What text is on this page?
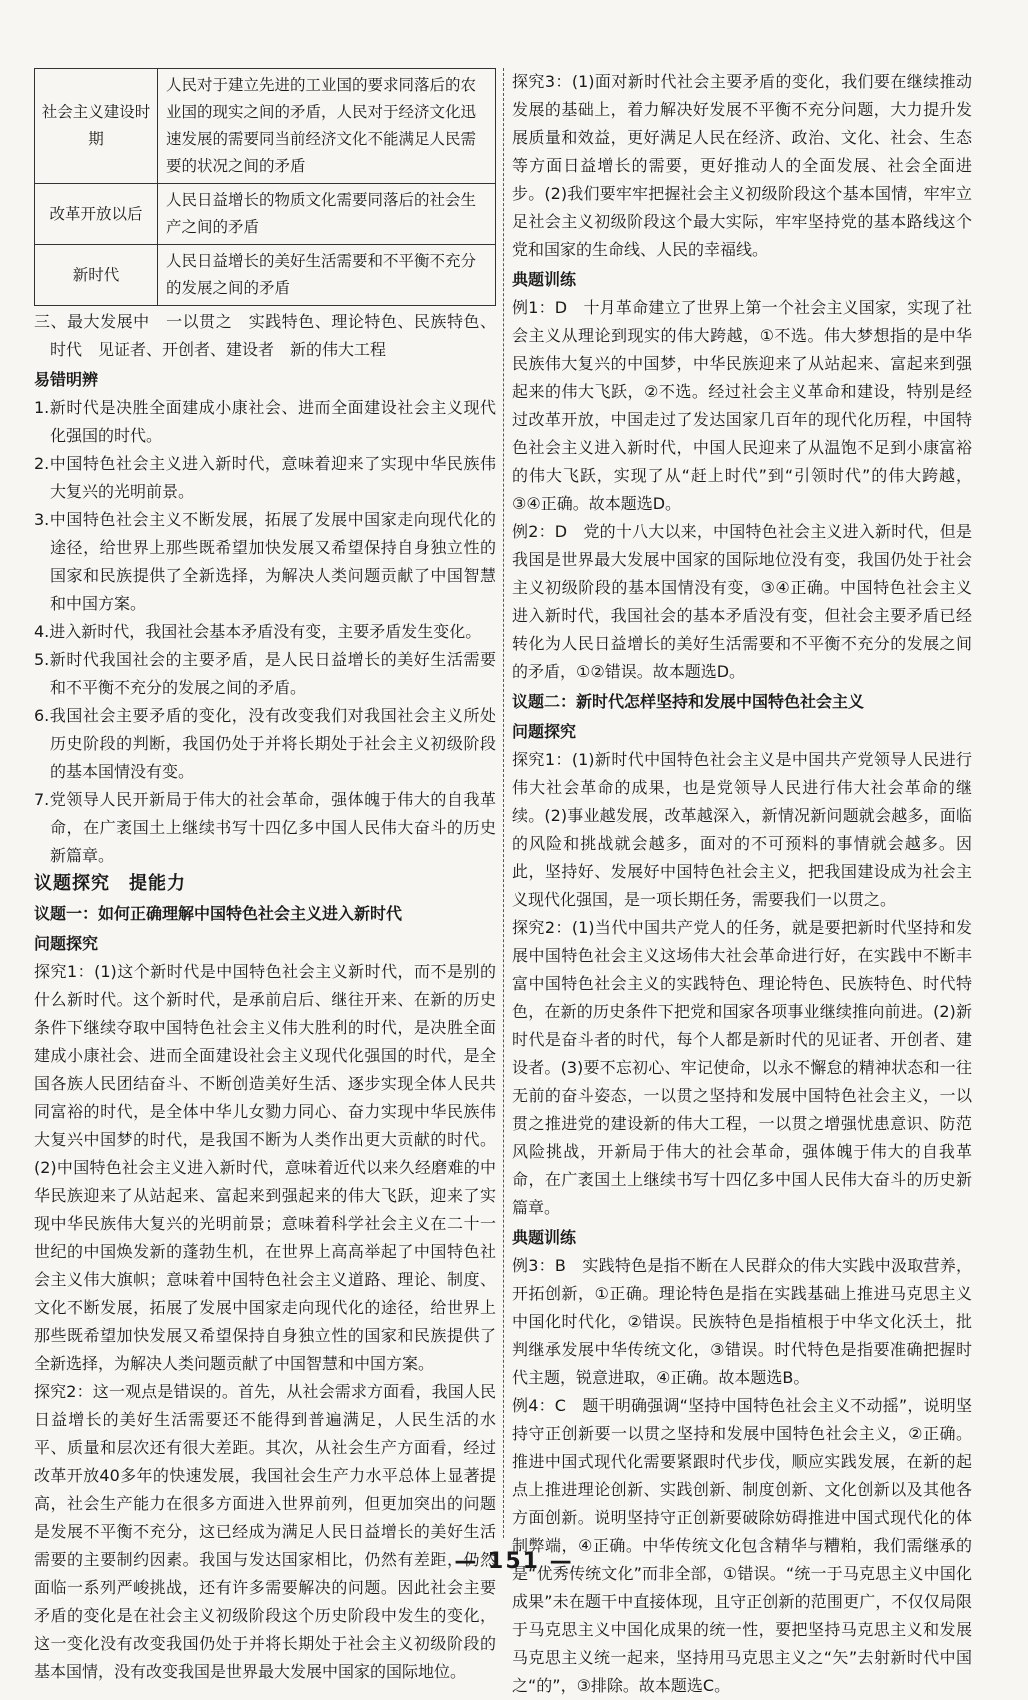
社会主义建设时期	人民对于建立先进的工业国的要求同落后的农业国的现实之间的矛盾，人民对于经济文化迅速发展的需要同当前经济文化不能满足人民需要的状况之间的矛盾
改革开放以后	人民日益增长的物质文化需要同落后的社会生产之间的矛盾
新时代	人民日益增长的美好生活需要和不平衡不充分的发展之间的矛盾

三、最大发展中　一以贯之　实践特色、理论特色、民族特色、时代　见证者、开创者、建设者　新的伟大工程

易错明辨

1.新时代是决胜全面建成小康社会、进而全面建设社会主义现代化强国的时代。

2.中国特色社会主义进入新时代，意味着迎来了实现中华民族伟大复兴的光明前景。

3.中国特色社会主义不断发展，拓展了发展中国家走向现代化的途径，给世界上那些既希望加快发展又希望保持自身独立性的国家和民族提供了全新选择，为解决人类问题贡献了中国智慧和中国方案。

4.进入新时代，我国社会基本矛盾没有变，主要矛盾发生变化。

5.新时代我国社会的主要矛盾，是人民日益增长的美好生活需要和不平衡不充分的发展之间的矛盾。

6.我国社会主要矛盾的变化，没有改变我们对我国社会主义所处历史阶段的判断，我国仍处于并将长期处于社会主义初级阶段的基本国情没有变。

7.党领导人民开新局于伟大的社会革命，强体魄于伟大的自我革命，在广袤国土上继续书写十四亿多中国人民伟大奋斗的历史新篇章。

议题探究　提能力

议题一：如何正确理解中国特色社会主义进入新时代

问题探究

探究1：(1)这个新时代是中国特色社会主义新时代，而不是别的什么新时代。这个新时代，是承前启后、继往开来、在新的历史条件下继续夺取中国特色社会主义伟大胜利的时代，是决胜全面建成小康社会、进而全面建设社会主义现代化强国的时代，是全国各族人民团结奋斗、不断创造美好生活、逐步实现全体人民共同富裕的时代，是全体中华儿女勠力同心、奋力实现中华民族伟大复兴中国梦的时代，是我国不断为人类作出更大贡献的时代。(2)中国特色社会主义进入新时代，意味着近代以来久经磨难的中华民族迎来了从站起来、富起来到强起来的伟大飞跃，迎来了实现中华民族伟大复兴的光明前景；意味着科学社会主义在二十一世纪的中国焕发新的蓬勃生机，在世界上高高举起了中国特色社会主义伟大旗帜；意味着中国特色社会主义道路、理论、制度、文化不断发展，拓展了发展中国家走向现代化的途径，给世界上那些既希望加快发展又希望保持自身独立性的国家和民族提供了全新选择，为解决人类问题贡献了中国智慧和中国方案。

探究2：这一观点是错误的。首先，从社会需求方面看，我国人民日益增长的美好生活需要还不能得到普遍满足，人民生活的水平、质量和层次还有很大差距。其次，从社会生产方面看，经过改革开放40多年的快速发展，我国社会生产力水平总体上显著提高，社会生产能力在很多方面进入世界前列，但更加突出的问题是发展不平衡不充分，这已经成为满足人民日益增长的美好生活需要的主要制约因素。我国与发达国家相比，仍然有差距，仍然面临一系列严峻挑战，还有许多需要解决的问题。因此社会主要矛盾的变化是在社会主义初级阶段这个历史阶段中发生的变化，这一变化没有改变我国仍处于并将长期处于社会主义初级阶段的基本国情，没有改变我国是世界最大发展中国家的国际地位。

探究3：(1)面对新时代社会主要矛盾的变化，我们要在继续推动发展的基础上，着力解决好发展不平衡不充分问题，大力提升发展质量和效益，更好满足人民在经济、政治、文化、社会、生态等方面日益增长的需要，更好推动人的全面发展、社会全面进步。(2)我们要牢牢把握社会主义初级阶段这个基本国情，牢牢立足社会主义初级阶段这个最大实际，牢牢坚持党的基本路线这个党和国家的生命线、人民的幸福线。

典题训练

例1：D　十月革命建立了世界上第一个社会主义国家，实现了社会主义从理论到现实的伟大跨越，①不选。伟大梦想指的是中华民族伟大复兴的中国梦，中华民族迎来了从站起来、富起来到强起来的伟大飞跃，②不选。经过社会主义革命和建设，特别是经过改革开放，中国走过了发达国家几百年的现代化历程，中国特色社会主义进入新时代，中国人民迎来了从温饱不足到小康富裕的伟大飞跃，实现了从“赶上时代”到“引领时代”的伟大跨越，③④正确。故本题选D。

例2：D　党的十八大以来，中国特色社会主义进入新时代，但是我国是世界最大发展中国家的国际地位没有变，我国仍处于社会主义初级阶段的基本国情没有变，③④正确。中国特色社会主义进入新时代，我国社会的基本矛盾没有变，但社会主要矛盾已经转化为人民日益增长的美好生活需要和不平衡不充分的发展之间的矛盾，①②错误。故本题选D。

议题二：新时代怎样坚持和发展中国特色社会主义

问题探究

探究1：(1)新时代中国特色社会主义是中国共产党领导人民进行伟大社会革命的成果，也是党领导人民进行伟大社会革命的继续。(2)事业越发展，改革越深入，新情况新问题就会越多，面临的风险和挑战就会越多，面对的不可预料的事情就会越多。因此，坚持好、发展好中国特色社会主义，把我国建设成为社会主义现代化强国，是一项长期任务，需要我们一以贯之。

探究2：(1)当代中国共产党人的任务，就是要把新时代坚持和发展中国特色社会主义这场伟大社会革命进行好，在实践中不断丰富中国特色社会主义的实践特色、理论特色、民族特色、时代特色，在新的历史条件下把党和国家各项事业继续推向前进。(2)新时代是奋斗者的时代，每个人都是新时代的见证者、开创者、建设者。(3)要不忘初心、牢记使命，以永不懈怠的精神状态和一往无前的奋斗姿态，一以贯之坚持和发展中国特色社会主义，一以贯之推进党的建设新的伟大工程，一以贯之增强忧患意识、防范风险挑战，开新局于伟大的社会革命，强体魄于伟大的自我革命，在广袤国土上继续书写十四亿多中国人民伟大奋斗的历史新篇章。

典题训练

例3：B　实践特色是指不断在人民群众的伟大实践中汲取营养，开拓创新，①正确。理论特色是指在实践基础上推进马克思主义中国化时代化，②错误。民族特色是指植根于中华文化沃土，批判继承发展中华传统文化，③错误。时代特色是指要准确把握时代主题，锐意进取，④正确。故本题选B。

例4：C　题干明确强调“坚持中国特色社会主义不动摇”，说明坚持守正创新要一以贯之坚持和发展中国特色社会主义，②正确。推进中国式现代化需要紧跟时代步伐，顺应实践发展，在新的起点上推进理论创新、实践创新、制度创新、文化创新以及其他各方面创新。说明坚持守正创新要破除妨碍推进中国式现代化的体制弊端，④正确。中华传统文化包含精华与糟粕，我们需继承的是“优秀传统文化”而非全部，①错误。“统一于马克思主义中国化成果”未在题干中直接体现，且守正创新的范围更广，不仅仅局限于马克思主义中国化成果的统一性，要把坚持马克思主义和发展马克思主义统一起来，坚持用马克思主义之“矢”去射新时代中国之“的”，③排除。故本题选C。

— 151 —
